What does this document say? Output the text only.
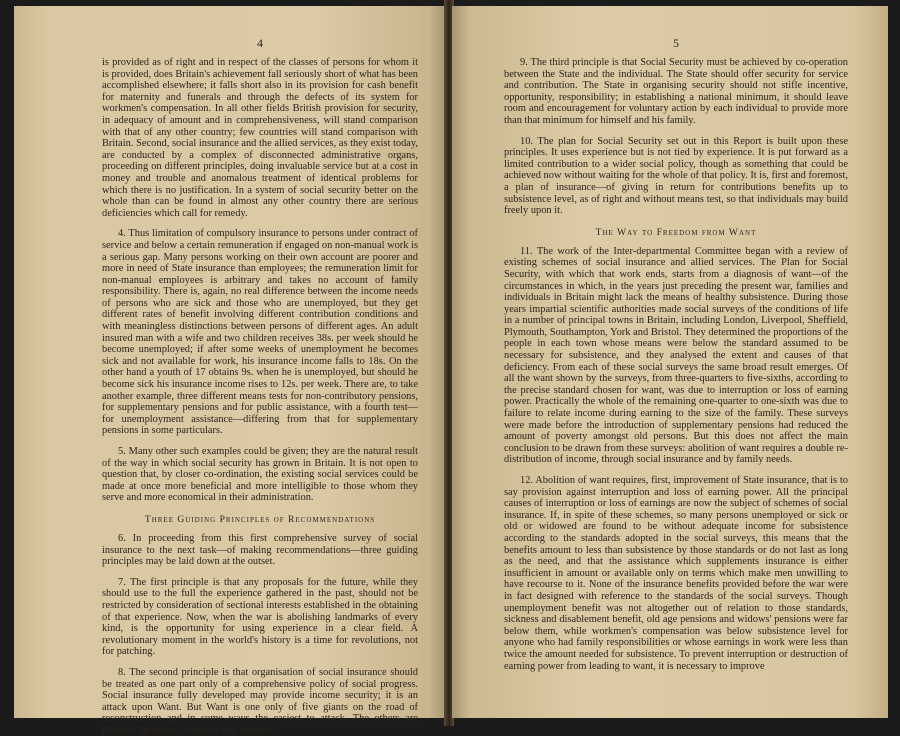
4

is provided as of right and in respect of the classes of persons for whom it is provided, does Britain's achievement fall seriously short of what has been accomplished elsewhere; it falls short also in its provision for cash benefit for maternity and funerals and through the defects of its system for workmen's compensation. In all other fields British provision for security, in adequacy of amount and in comprehensiveness, will stand comparison with that of any other country; few countries will stand comparison with Britain. Second, social insurance and the allied services, as they exist today, are conducted by a complex of disconnected administrative organs, proceeding on different principles, doing invaluable service but at a cost in money and trouble and anomalous treatment of identical problems for which there is no justification. In a system of social security better on the whole than can be found in almost any other country there are serious deficiencies which call for remedy.

4. Thus limitation of compulsory insurance to persons under contract of service and below a certain remuneration if engaged on non-manual work is a serious gap. Many persons working on their own account are poorer and more in need of State insurance than employees; the remuneration limit for non-manual employees is arbitrary and takes no account of family responsibility. There is, again, no real difference between the income needs of persons who are sick and those who are unemployed, but they get different rates of benefit involving different contribution conditions and with meaningless distinctions between persons of different ages. An adult insured man with a wife and two children receives 38s. per week should he become unemployed; if after some weeks of unemployment he becomes sick and not available for work, his insurance income falls to 18s. On the other hand a youth of 17 obtains 9s. when he is unemployed, but should he become sick his insurance income rises to 12s. per week. There are, to take another example, three different means tests for non-contributory pensions, for supplementary pensions and for public assistance, with a fourth test—for unemployment assistance—differing from that for supplementary pensions in some particulars.

5. Many other such examples could be given; they are the natural result of the way in which social security has grown in Britain. It is not open to question that, by closer co-ordination, the existing social services could be made at once more beneficial and more intelligible to those whom they serve and more economical in their administration.

Three Guiding Principles of Recommendations

6. In proceeding from this first comprehensive survey of social insurance to the next task—of making recommendations—three guiding principles may be laid down at the outset.

7. The first principle is that any proposals for the future, while they should use to the full the experience gathered in the past, should not be restricted by consideration of sectional interests established in the obtaining of that experience. Now, when the war is abolishing landmarks of every kind, is the opportunity for using experience in a clear field. A revolutionary moment in the world's history is a time for revolutions, not for patching.

8. The second principle is that organisation of social insurance should be treated as one part only of a comprehensive policy of social progress. Social insurance fully developed may provide income security; it is an attack upon Want. But Want is one only of five giants on the road of reconstruction and in some ways the easiest to attack. The others are Disease, Ignorance, Squalor and Idleness.

5

9. The third principle is that Social Security must be achieved by co-operation between the State and the individual. The State should offer security for service and contribution. The State in organising security should not stifle incentive, opportunity, responsibility; in establishing a national minimum, it should leave room and encouragement for voluntary action by each individual to provide more than that minimum for himself and his family.

10. The plan for Social Security set out in this Report is built upon these principles. It uses experience but is not tied by experience. It is put forward as a limited contribution to a wider social policy, though as something that could be achieved now without waiting for the whole of that policy. It is, first and foremost, a plan of insurance—of giving in return for contributions benefits up to subsistence level, as of right and without means test, so that individuals may build freely upon it.

The Way to Freedom from Want

11. The work of the Inter-departmental Committee began with a review of existing schemes of social insurance and allied services. The Plan for Social Security, with which that work ends, starts from a diagnosis of want—of the circumstances in which, in the years just preceding the present war, families and individuals in Britain might lack the means of healthy subsistence. During those years impartial scientific authorities made social surveys of the conditions of life in a number of principal towns in Britain, including London, Liverpool, Sheffield, Plymouth, Southampton, York and Bristol. They determined the proportions of the people in each town whose means were below the standard assumed to be necessary for subsistence, and they analysed the extent and causes of that deficiency. From each of these social surveys the same broad result emerges. Of all the want shown by the surveys, from three-quarters to five-sixths, according to the precise standard chosen for want, was due to interruption or loss of earning power. Practically the whole of the remaining one-quarter to one-sixth was due to failure to relate income during earning to the size of the family. These surveys were made before the introduction of supplementary pensions had reduced the amount of poverty amongst old persons. But this does not affect the main conclusion to be drawn from these surveys: abolition of want requires a double re-distribution of income, through social insurance and by family needs.

12. Abolition of want requires, first, improvement of State insurance, that is to say provision against interruption and loss of earning power. All the principal causes of interruption or loss of earnings are now the subject of schemes of social insurance. If, in spite of these schemes, so many persons unemployed or sick or old or widowed are found to be without adequate income for subsistence according to the standards adopted in the social surveys, this means that the benefits amount to less than subsistence by those standards or do not last as long as the need, and that the assistance which supplements insurance is either insufficient in amount or available only on terms which make men unwilling to have recourse to it. None of the insurance benefits provided before the war were in fact designed with reference to the standards of the social surveys. Though unemployment benefit was not altogether out of relation to those standards, sickness and disablement benefit, old age pensions and widows' pensions were far below them, while workmen's compensation was below subsistence level for anyone who had family responsibilities or whose earnings in work were less than twice the amount needed for subsistence. To prevent interruption or destruction of earning power from leading to want, it is necessary to improve
